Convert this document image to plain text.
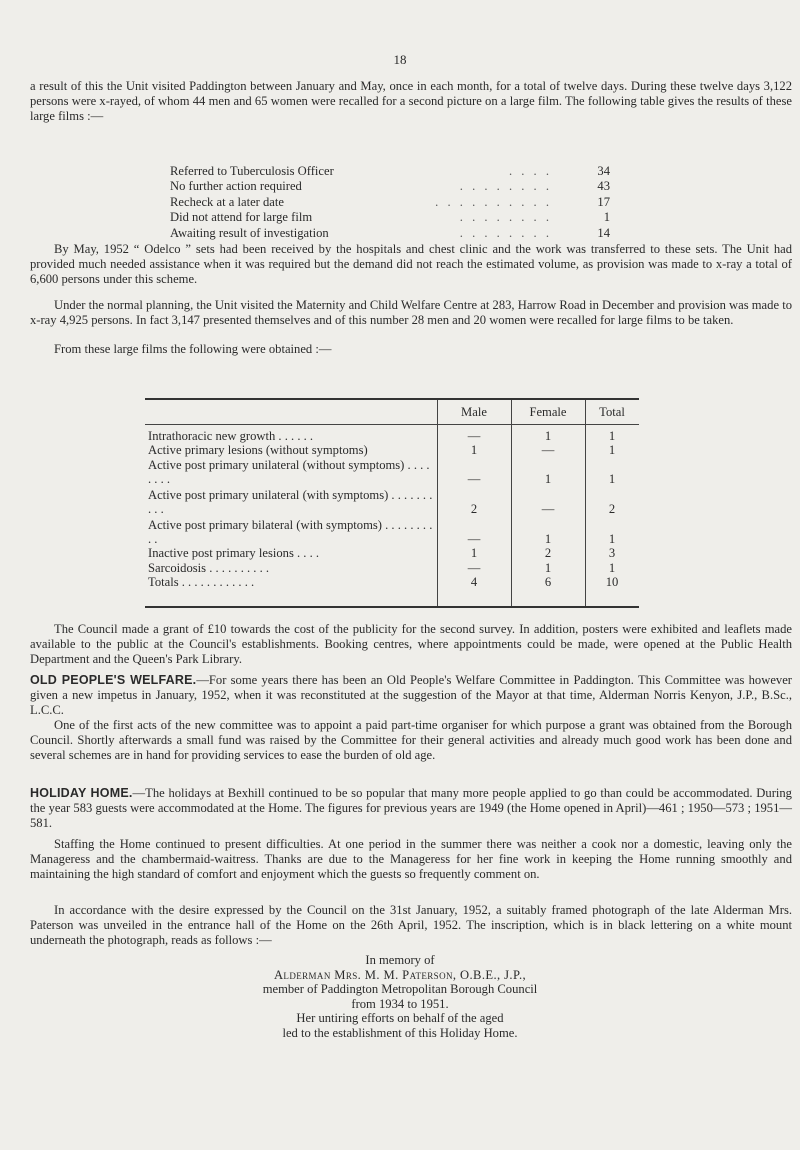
18

a result of this the Unit visited Paddington between January and May, once in each month, for a total of twelve days. During these twelve days 3,122 persons were x-rayed, of whom 44 men and 65 women were recalled for a second picture on a large film. The following table gives the results of these large films :—

Referred to Tuberculosis Officer	. . . .	34
No further action required	. . . . . . . .	43
Recheck at a later date	. . . . . . . . . .	17
Did not attend for large film	. . . . . . . .	1
Awaiting result of investigation	. . . . . . . .	14

By May, 1952 “ Odelco ” sets had been received by the hospitals and chest clinic and the work was transferred to these sets. The Unit had provided much needed assistance when it was required but the demand did not reach the estimated volume, as provision was made to x-ray a total of 6,600 persons under this scheme.

Under the normal planning, the Unit visited the Maternity and Child Welfare Centre at 283, Harrow Road in December and provision was made to x-ray 4,925 persons. In fact 3,147 presented themselves and of this number 28 men and 20 women were recalled for large films to be taken.

From these large films the following were obtained :—

Male	Female	Total
Intrathoracic new growth . . . . . .	—	1	1
Active primary lesions (without symptoms)	1	—	1
Active post primary unilateral (without symptoms) . . . . . . . .	—	1	1
Active post primary unilateral (with symptoms) . . . . . . . . . .	2	—	2
Active post primary bilateral (with symptoms) . . . . . . . . . .	—	1	1
Inactive post primary lesions . . . .	1	2	3
Sarcoidosis . . . . . . . . . .	—	1	1
Totals . . . . . . . . . . . .	4	6	10

The Council made a grant of £10 towards the cost of the publicity for the second survey. In addition, posters were exhibited and leaflets made available to the public at the Council's establishments. Booking centres, where appointments could be made, were opened at the Public Health Department and the Queen's Park Library.

OLD PEOPLE'S WELFARE.—For some years there has been an Old People's Welfare Committee in Paddington. This Committee was however given a new impetus in January, 1952, when it was reconstituted at the suggestion of the Mayor at that time, Alderman Norris Kenyon, J.P., B.Sc., L.C.C.

One of the first acts of the new committee was to appoint a paid part-time organiser for which purpose a grant was obtained from the Borough Council. Shortly afterwards a small fund was raised by the Committee for their general activities and already much good work has been done and several schemes are in hand for providing services to ease the burden of old age.

HOLIDAY HOME.—The holidays at Bexhill continued to be so popular that many more people applied to go than could be accommodated. During the year 583 guests were accommodated at the Home. The figures for previous years are 1949 (the Home opened in April)—461 ; 1950—573 ; 1951—581.

Staffing the Home continued to present difficulties. At one period in the summer there was neither a cook nor a domestic, leaving only the Manageress and the chambermaid-waitress. Thanks are due to the Manageress for her fine work in keeping the Home running smoothly and maintaining the high standard of comfort and enjoyment which the guests so frequently comment on.

In accordance with the desire expressed by the Council on the 31st January, 1952, a suitably framed photograph of the late Alderman Mrs. Paterson was unveiled in the entrance hall of the Home on the 26th April, 1952. The inscription, which is in black lettering on a white mount underneath the photograph, reads as follows :—

In memory of
Alderman Mrs. M. M. Paterson, O.B.E., J.P.,
member of Paddington Metropolitan Borough Council
from 1934 to 1951.
Her untiring efforts on behalf of the aged
led to the establishment of this Holiday Home.
